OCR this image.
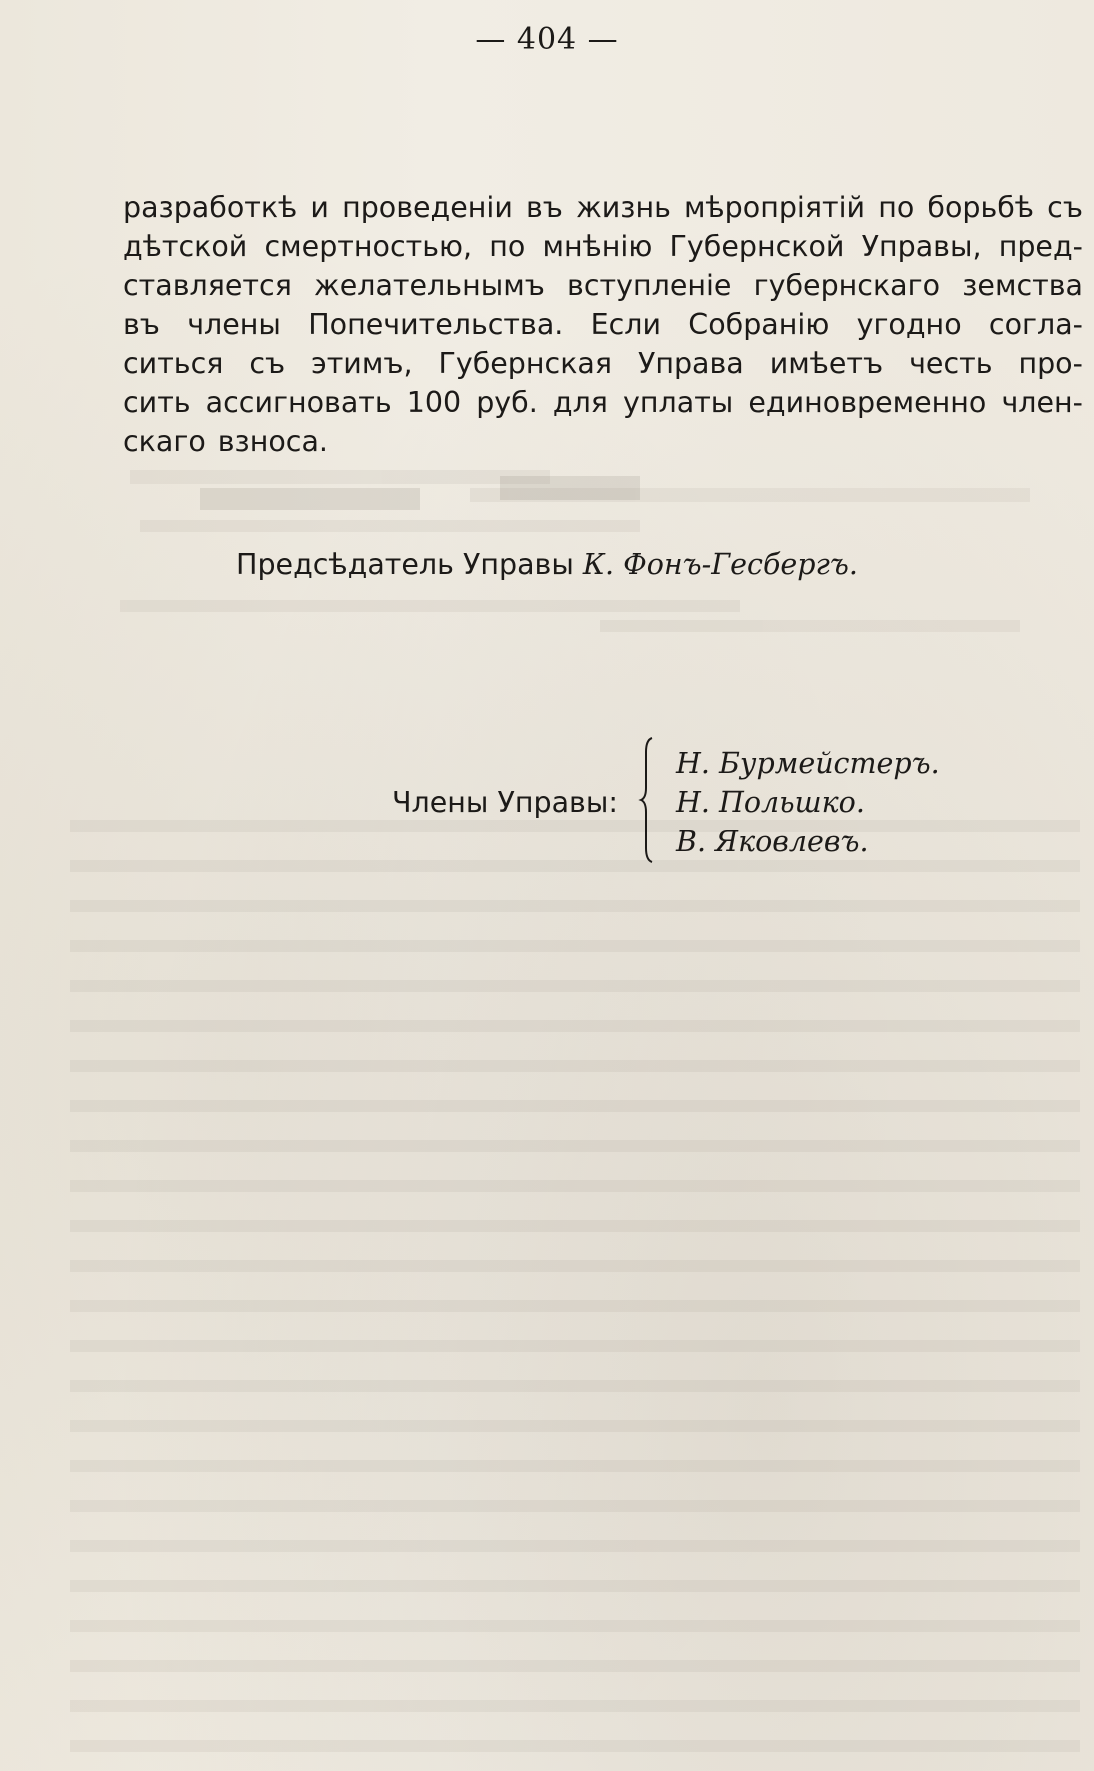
— 404 —
разработкѣ и проведеніи въ жизнь мѣропріятій по борьбѣ съ
дѣтской смертностью, по мнѣнію Губернской Управы, пред-
ставляется желательнымъ вступленіе губернскаго земства
въ члены Попечительства. Если Собранію угодно согла-
ситься съ этимъ, Губернская Управа имѣетъ честь про-
сить ассигновать 100 руб. для уплаты единовременно член-
скаго взноса.
Предсѣдатель Управы К. Фонъ-Гесбергъ.
Члены Управы:
Н. Бурмейстеръ.
Н. Польшко.
В. Яковлевъ.
